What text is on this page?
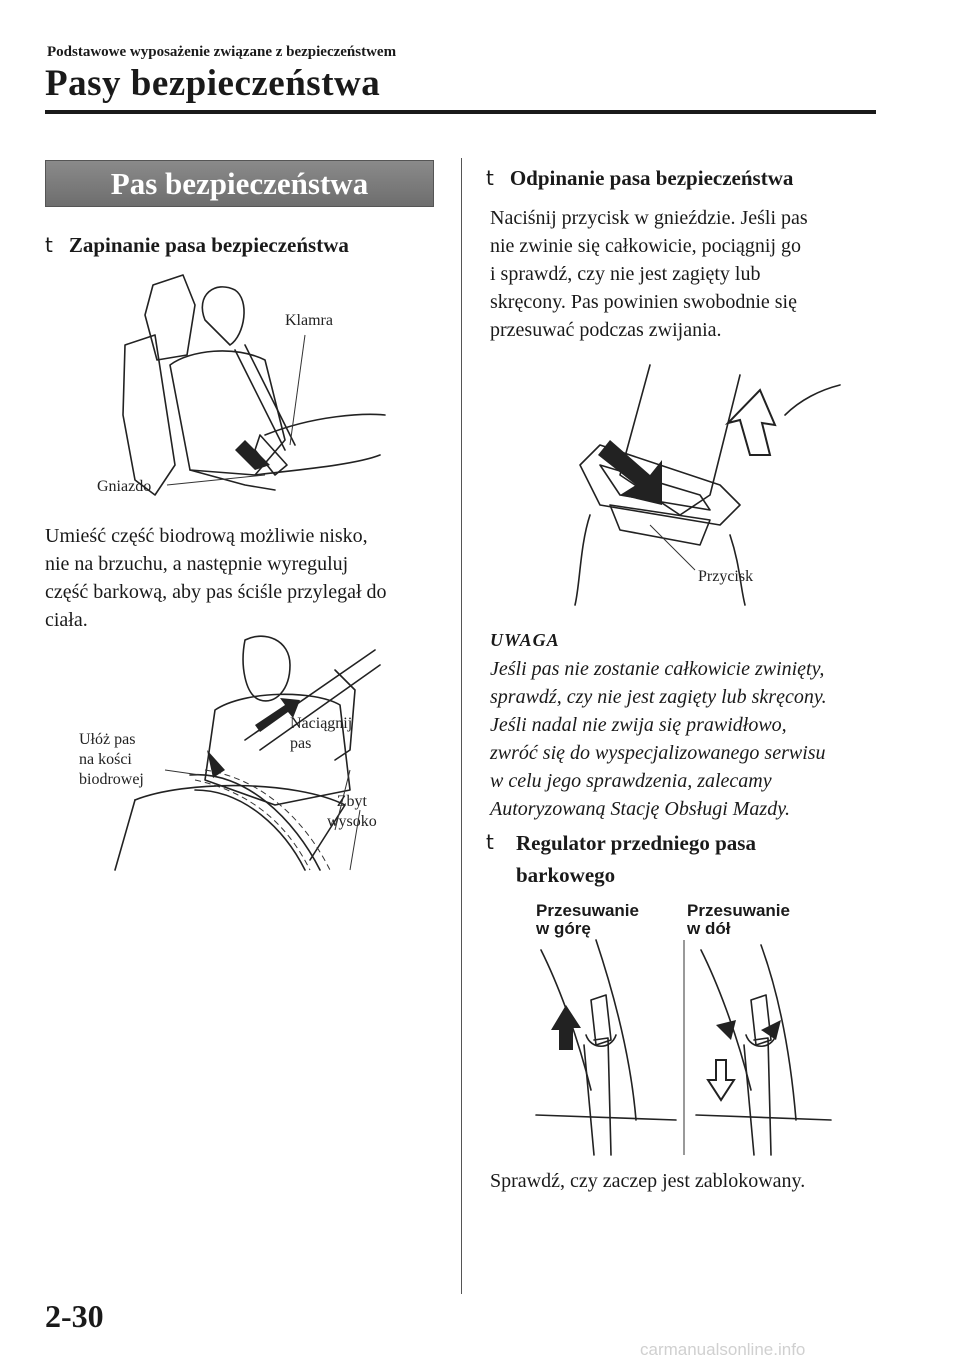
Podstawowe wyposażenie związane z bezpieczeństwem
Pasy bezpieczeństwa
Pas bezpieczeństwa
t Zapinanie pasa bezpieczeństwa
Klamra
Gniazdo
Umieść część biodrową możliwie nisko,
nie na brzuchu, a następnie wyreguluj
część barkową, aby pas ściśle przylegał do
ciała.
Ułóż pas
na kości
biodrowej
Naciągnij
pas
Zbyt
wysoko
t Odpinanie pasa bezpieczeństwa
Naciśnij przycisk w gnieździe. Jeśli pas
nie zwinie się całkowicie, pociągnij go
i sprawdź, czy nie jest zagięty lub
skręcony. Pas powinien swobodnie się
przesuwać podczas zwijania.
Przycisk
UWAGA
Jeśli pas nie zostanie całkowicie zwinięty,
sprawdź, czy nie jest zagięty lub skręcony.
Jeśli nadal nie zwija się prawidłowo,
zwróć się do wyspecjalizowanego serwisu
w celu jego sprawdzenia, zalecamy
Autoryzowaną Stację Obsługi Mazdy.
t Regulator przedniego pasa
barkowego
Przesuwanie
w górę
Przesuwanie
w dół
Sprawdź, czy zaczep jest zablokowany.
2-30
carmanualsonline.info
